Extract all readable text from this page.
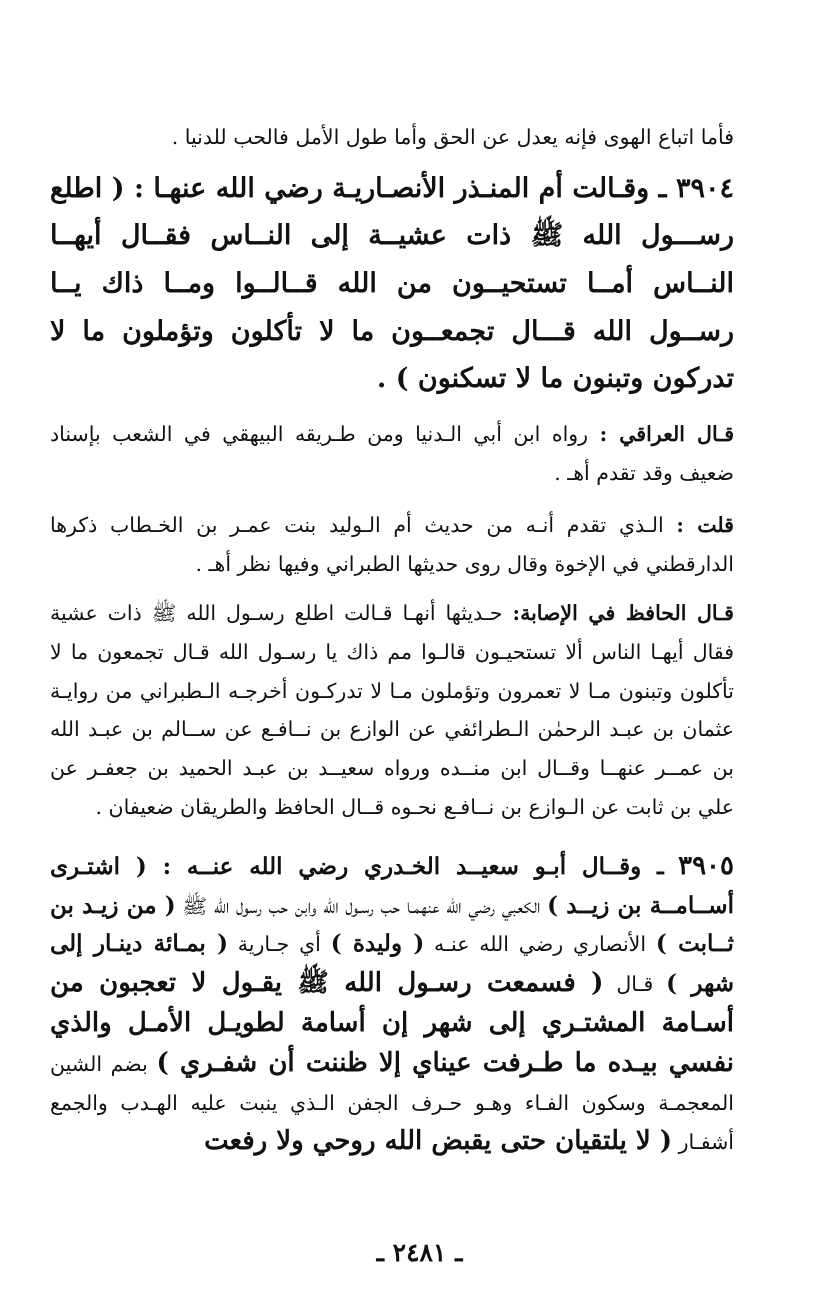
فأما اتباع الهوى فإنه يعدل عن الحق وأما طول الأمل فالحب للدنيا .

٣٩٠٤ ـ وقـالت أم المنـذر الأنصـاريـة رضي الله عنهـا : ( اطلع رســـول الله ﷺ ذات عشيــة إلى النــاس فقــال أيهــا النــاس أمــا تستحيــون من الله قــالــوا ومــا ذاك يــا رســول الله قـــال تجمعــون ما لا تأكلون وتؤملون ما لا تدركون وتبنون ما لا تسكنون ) .

قـال العراقي : رواه ابن أبي الـدنيا ومن طـريقه البيهقي في الشعب بإسناد ضعيف وقد تقدم أهـ .

قلت : الـذي تقدم أنـه من حديث أم الـوليد بنت عمـر بن الخـطاب ذكرها الدارقطني في الإخوة وقال روى حديثها الطبراني وفيها نظر أهـ .

قـال الحافظ في الإصابة: حـديثها أنهـا قـالت اطلع رسـول الله ﷺ ذات عشية فقال أيهـا الناس ألا تستحيـون قالـوا مم ذاك يا رسـول الله قـال تجمعون ما لا تأكلون وتبنون مـا لا تعمرون وتؤملون مـا لا تدركـون أخرجـه الـطبراني من روايـة عثمان بن عبـد الرحمٰن الـطرائفي عن الوازع بن نــافـع عن ســالم بن عبـد الله بن عمــر عنهــا وقــال ابن منــده ورواه سعيــد بن عبـد الحميد بن جعفـر عن علي بن ثابت عن الـوازع بن نــافـع نحـوه قــال الحافظ والطريقان ضعيفان .

٣٩٠٥ ـ وقــال أبـو سعيــد الخـدري رضي الله عنــه : ( اشتـرى أســامــة بن زيــد ) الكعبي رضي الله عنهمـا حب رسـول الله وابن حب رسول الله ﷺ ( من زيـد بن ثــابت ) الأنصاري رضي الله عنـه ( وليدة ) أي جـارية ( بمـائة دينـار إلى شهر ) قـال ( فسمعت رسـول الله ﷺ يقـول لا تعجبون من أسـامة المشتـري إلى شهر إن أسامة لطويـل الأمـل والذي نفسي بيـده ما طـرفت عيناي إلا ظننت أن شفـري ) بضم الشين المعجمـة وسكون الفـاء وهـو حـرف الجفن الـذي ينبت عليه الهـدب والجمع أشفـار ( لا يلتقيان حتى يقبض الله روحي ولا رفعت

ـ ٢٤٨١ ـ
